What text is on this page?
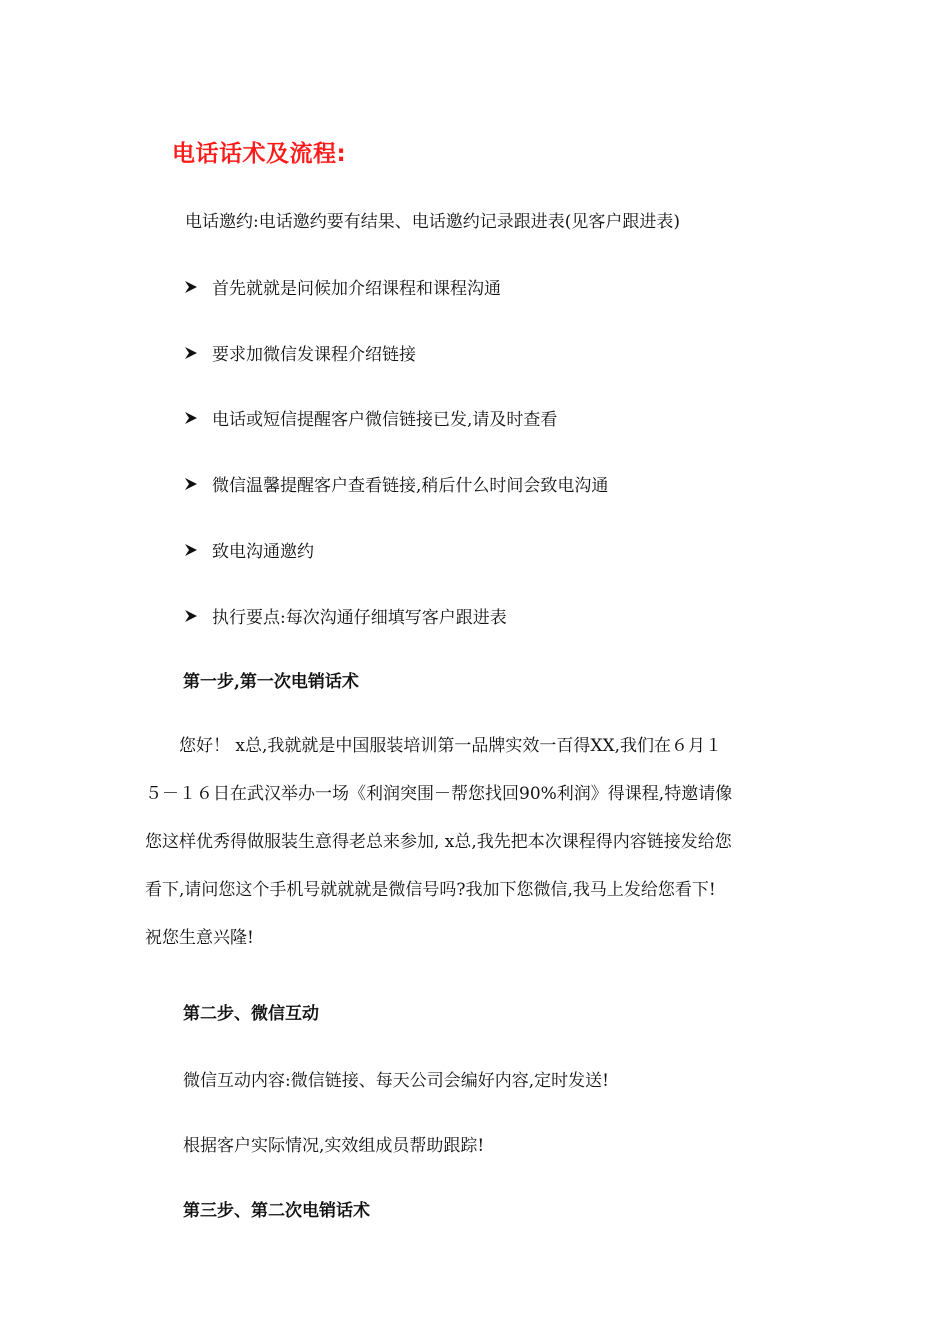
电话话术及流程:
电话邀约:电话邀约要有结果、电话邀约记录跟进表(见客户跟进表)
首先就就是问候加介绍课程和课程沟通
要求加微信发课程介绍链接
电话或短信提醒客户微信链接已发,请及时查看
微信温馨提醒客户查看链接,稍后什么时间会致电沟通
致电沟通邀约
执行要点:每次沟通仔细填写客户跟进表
第一步,第一次电销话术
　　您好！ x总,我就就是中国服装培训第一品牌实效一百得XX,我们在６月１
５－１６日在武汉举办一场《利润突围－帮您找回90%利润》得课程,特邀请像
您这样优秀得做服装生意得老总来参加, x总,我先把本次课程得内容链接发给您
看下,请问您这个手机号就就就是微信号吗?我加下您微信,我马上发给您看下!
祝您生意兴隆!
第二步、微信互动
微信互动内容:微信链接、每天公司会编好内容,定时发送!
根据客户实际情况,实效组成员帮助跟踪!
第三步、第二次电销话术
